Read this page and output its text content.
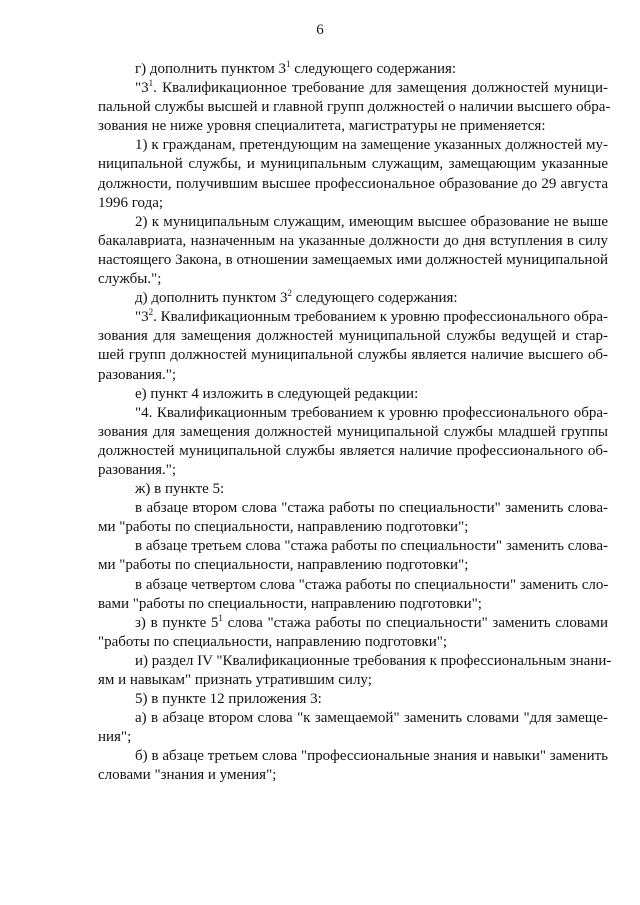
6
г) дополнить пунктом $3^1$ следующего содержания:
"$3^1$. Квалификационное требование для замещения должностей муници-
пальной службы высшей и главной групп должностей о наличии высшего обра-
зования не ниже уровня специалитета, магистратуры не применяется:
1) к гражданам, претендующим на замещение указанных должностей му-
ниципальной службы, и муниципальным служащим, замещающим указанные
должности, получившим высшее профессиональное образование до 29 августа
1996 года;
2) к муниципальным служащим, имеющим высшее образование не выше
бакалавриата, назначенным на указанные должности до дня вступления в силу
настоящего Закона, в отношении замещаемых ими должностей муниципальной
службы.";
д) дополнить пунктом $3^2$ следующего содержания:
"$3^2$. Квалификационным требованием к уровню профессионального обра-
зования для замещения должностей муниципальной службы ведущей и стар-
шей групп должностей муниципальной службы является наличие высшего об-
разования.";
е) пункт 4 изложить в следующей редакции:
"4. Квалификационным требованием к уровню профессионального обра-
зования для замещения должностей муниципальной службы младшей группы
должностей муниципальной службы является наличие профессионального об-
разования.";
ж) в пункте 5:
в абзаце втором слова "стажа работы по специальности" заменить слова-
ми "работы по специальности, направлению подготовки";
в абзаце третьем слова "стажа работы по специальности" заменить слова-
ми "работы по специальности, направлению подготовки";
в абзаце четвертом слова "стажа работы по специальности" заменить сло-
вами "работы по специальности, направлению подготовки";
з) в пункте $5^1$ слова "стажа работы по специальности" заменить словами
"работы по специальности, направлению подготовки";
и) раздел IV "Квалификационные требования к профессиональным знани-
ям и навыкам" признать утратившим силу;
5) в пункте 12 приложения 3:
а) в абзаце втором слова "к замещаемой" заменить словами "для замеще-
ния";
б) в абзаце третьем слова "профессиональные знания и навыки" заменить
словами "знания и умения";
